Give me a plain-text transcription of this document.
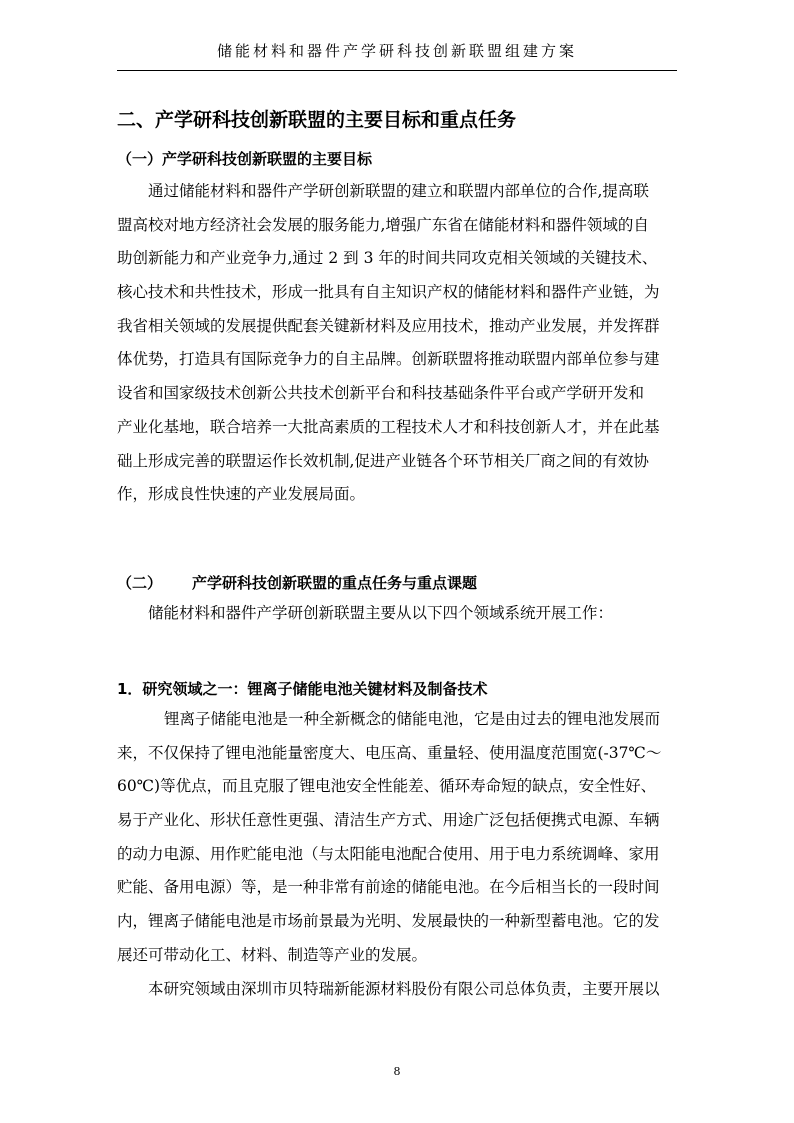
储能材料和器件产学研科技创新联盟组建方案
二、产学研科技创新联盟的主要目标和重点任务
（一）产学研科技创新联盟的主要目标
通过储能材料和器件产学研创新联盟的建立和联盟内部单位的合作,提高联
盟高校对地方经济社会发展的服务能力,增强广东省在储能材料和器件领域的自
助创新能力和产业竞争力,通过 2 到 3 年的时间共同攻克相关领域的关键技术、
核心技术和共性技术，形成一批具有自主知识产权的储能材料和器件产业链，为
我省相关领域的发展提供配套关键新材料及应用技术，推动产业发展，并发挥群
体优势，打造具有国际竞争力的自主品牌。创新联盟将推动联盟内部单位参与建
设省和国家级技术创新公共技术创新平台和科技基础条件平台或产学研开发和
产业化基地，联合培养一大批高素质的工程技术人才和科技创新人才，并在此基
础上形成完善的联盟运作长效机制,促进产业链各个环节相关厂商之间的有效协
作，形成良性快速的产业发展局面。
（二） 产学研科技创新联盟的重点任务与重点课题
储能材料和器件产学研创新联盟主要从以下四个领域系统开展工作：
1．研究领域之一：锂离子储能电池关键材料及制备技术
锂离子储能电池是一种全新概念的储能电池，它是由过去的锂电池发展而
来，不仅保持了锂电池能量密度大、电压高、重量轻、使用温度范围宽(-37℃～
60℃)等优点，而且克服了锂电池安全性能差、循环寿命短的缺点，安全性好、
易于产业化、形状任意性更强、清洁生产方式、用途广泛包括便携式电源、车辆
的动力电源、用作贮能电池（与太阳能电池配合使用、用于电力系统调峰、家用
贮能、备用电源）等，是一种非常有前途的储能电池。在今后相当长的一段时间
内，锂离子储能电池是市场前景最为光明、发展最快的一种新型蓄电池。它的发
展还可带动化工、材料、制造等产业的发展。
本研究领域由深圳市贝特瑞新能源材料股份有限公司总体负责，主要开展以
8
